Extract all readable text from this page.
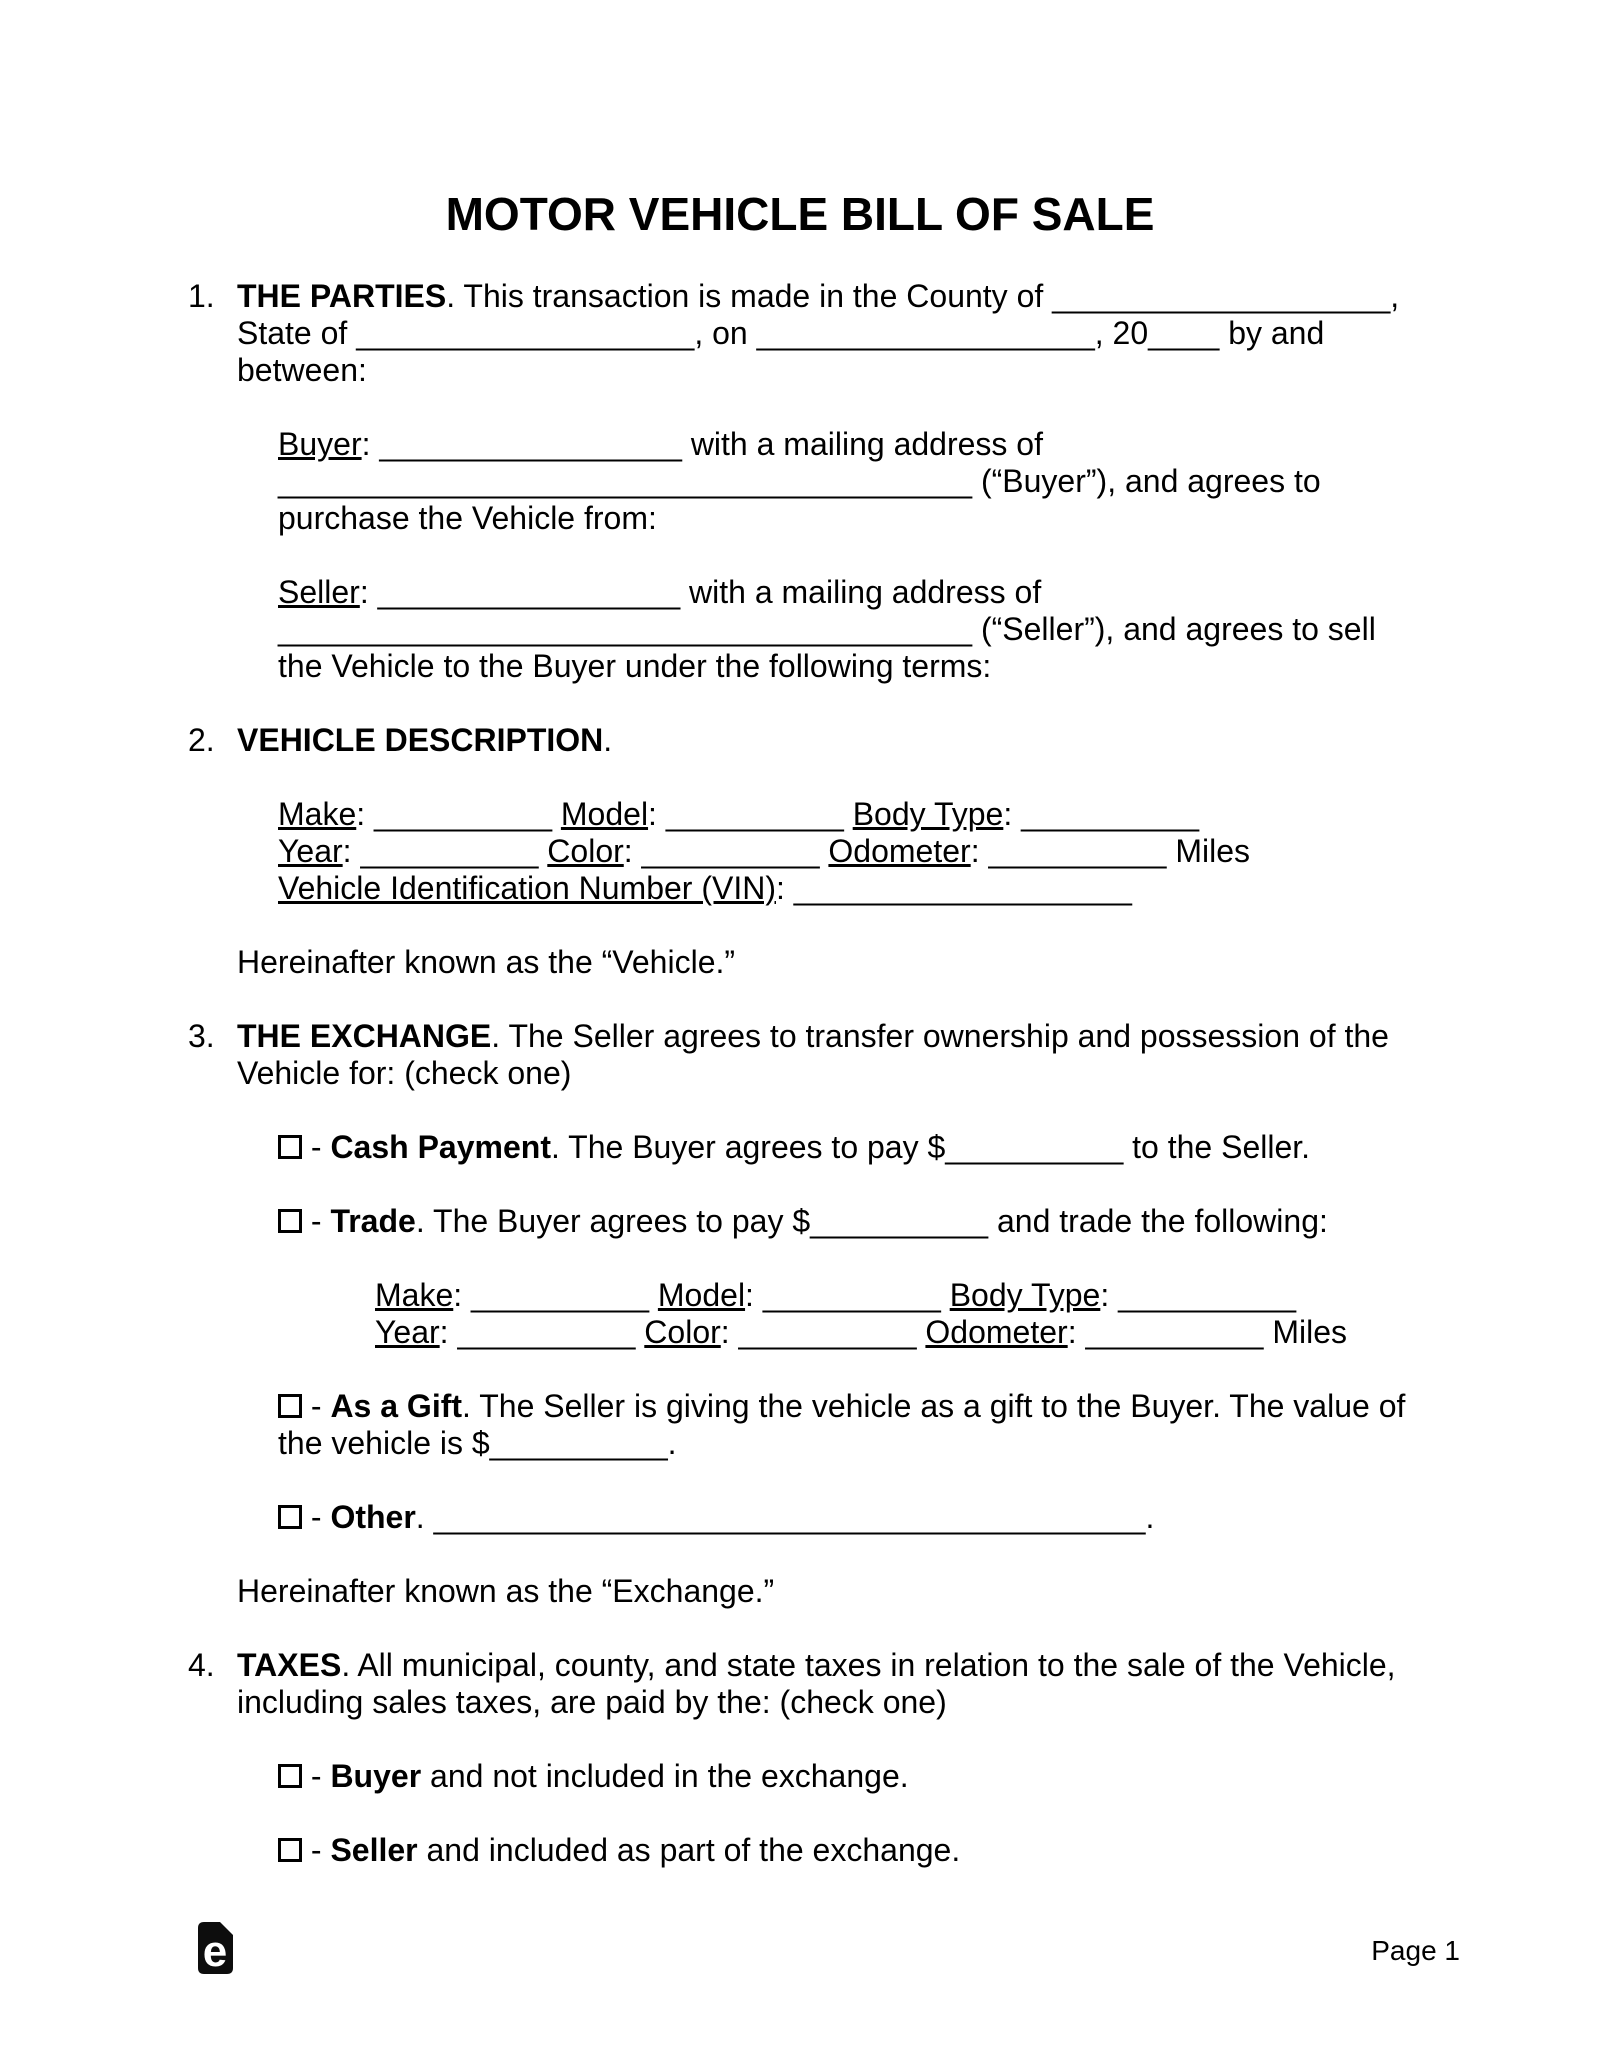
MOTOR VEHICLE BILL OF SALE
1. THE PARTIES. This transaction is made in the County of ___________________,
State of ___________________, on ___________________, 20____ by and
between:
Buyer: _________________ with a mailing address of
_______________________________________ (“Buyer”), and agrees to
purchase the Vehicle from:
Seller: _________________ with a mailing address of
_______________________________________ (“Seller”), and agrees to sell
the Vehicle to the Buyer under the following terms:
2. VEHICLE DESCRIPTION.
Make: __________ Model: __________ Body Type: __________
Year: __________ Color: __________ Odometer: __________ Miles
Vehicle Identification Number (VIN): ___________________
Hereinafter known as the “Vehicle.”
3. THE EXCHANGE. The Seller agrees to transfer ownership and possession of the
Vehicle for: (check one)
- Cash Payment. The Buyer agrees to pay $__________ to the Seller.
- Trade. The Buyer agrees to pay $__________ and trade the following:
Make: __________ Model: __________ Body Type: __________
Year: __________ Color: __________ Odometer: __________ Miles
- As a Gift. The Seller is giving the vehicle as a gift to the Buyer. The value of
the vehicle is $__________.
- Other. ________________________________________.
Hereinafter known as the “Exchange.”
4. TAXES. All municipal, county, and state taxes in relation to the sale of the Vehicle,
including sales taxes, are paid by the: (check one)
- Buyer and not included in the exchange.
- Seller and included as part of the exchange.
e	Page 1
